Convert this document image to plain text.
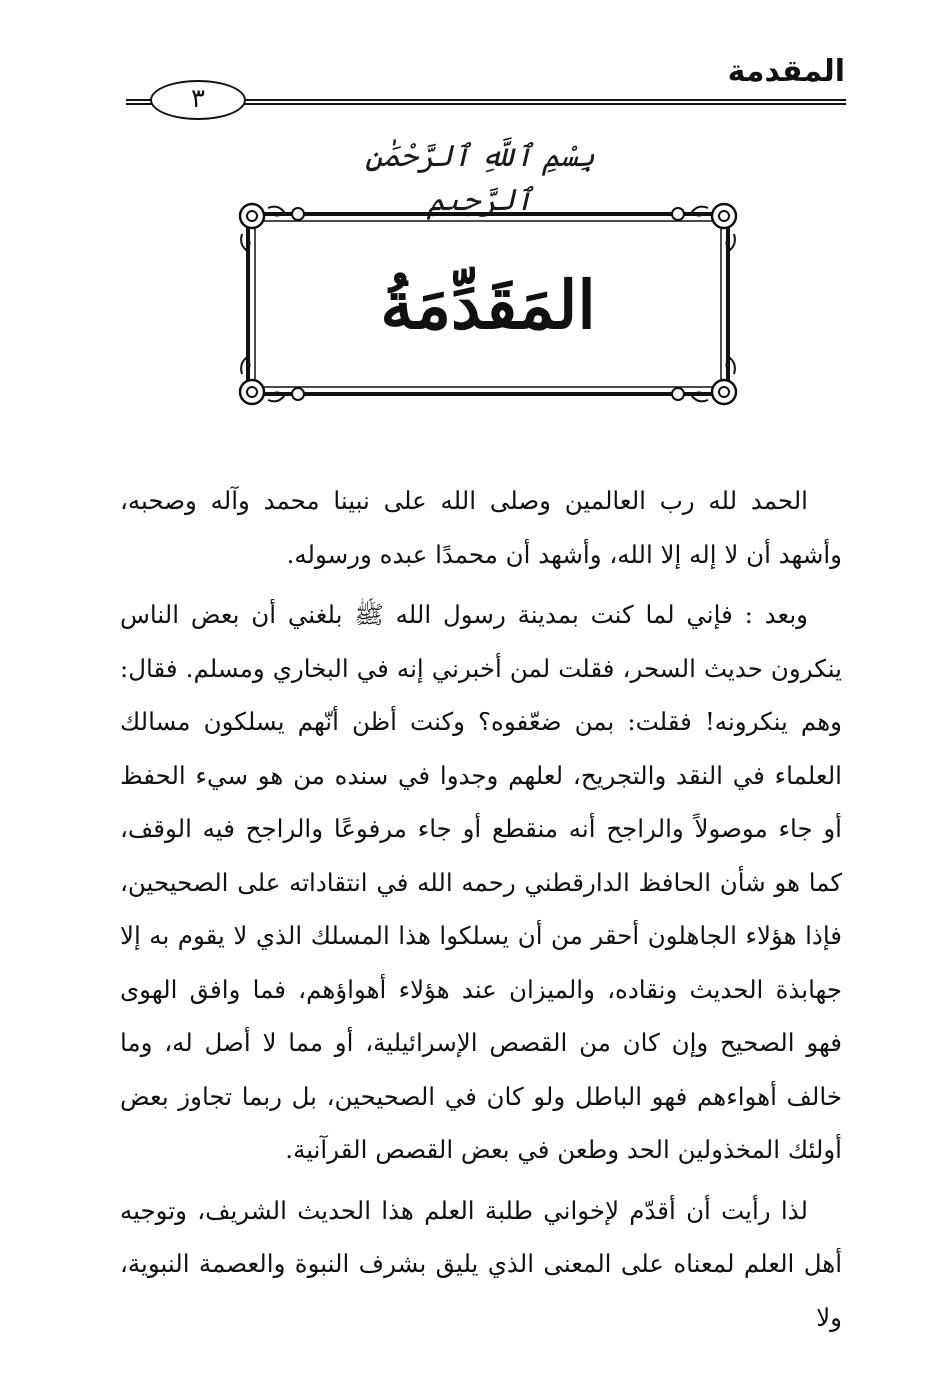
المقدمة
٣
بِسْمِ ٱللَّهِ ٱلرَّحْمَٰنِ ٱلرَّحِيمِ
المَقَدِّمَةُ

الحمد لله رب العالمين وصلى الله على نبينا محمد وآله وصحبه، وأشهد أن لا إله إلا الله، وأشهد أن محمدًا عبده ورسوله.

وبعد : فإني لما كنت بمدينة رسول الله ﷺ بلغني أن بعض الناس ينكرون حديث السحر، فقلت لمن أخبرني إنه في البخاري ومسلم. فقال: وهم ينكرونه! فقلت: بمن ضعّفوه؟ وكنت أظن أنّهم يسلكون مسالك العلماء في النقد والتجريح، لعلهم وجدوا في سنده من هو سيء الحفظ أو جاء موصولاً والراجح أنه منقطع أو جاء مرفوعًا والراجح فيه الوقف، كما هو شأن الحافظ الدارقطني رحمه الله في انتقاداته على الصحيحين، فإذا هؤلاء الجاهلون أحقر من أن يسلكوا هذا المسلك الذي لا يقوم به إلا جهابذة الحديث ونقاده، والميزان عند هؤلاء أهواؤهم، فما وافق الهوى فهو الصحيح وإن كان من القصص الإسرائيلية، أو مما لا أصل له، وما خالف أهواءهم فهو الباطل ولو كان في الصحيحين، بل ربما تجاوز بعض أولئك المخذولين الحد وطعن في بعض القصص القرآنية.

لذا رأيت أن أقدّم لإخواني طلبة العلم هذا الحديث الشريف، وتوجيه أهل العلم لمعناه على المعنى الذي يليق بشرف النبوة والعصمة النبوية، ولا
